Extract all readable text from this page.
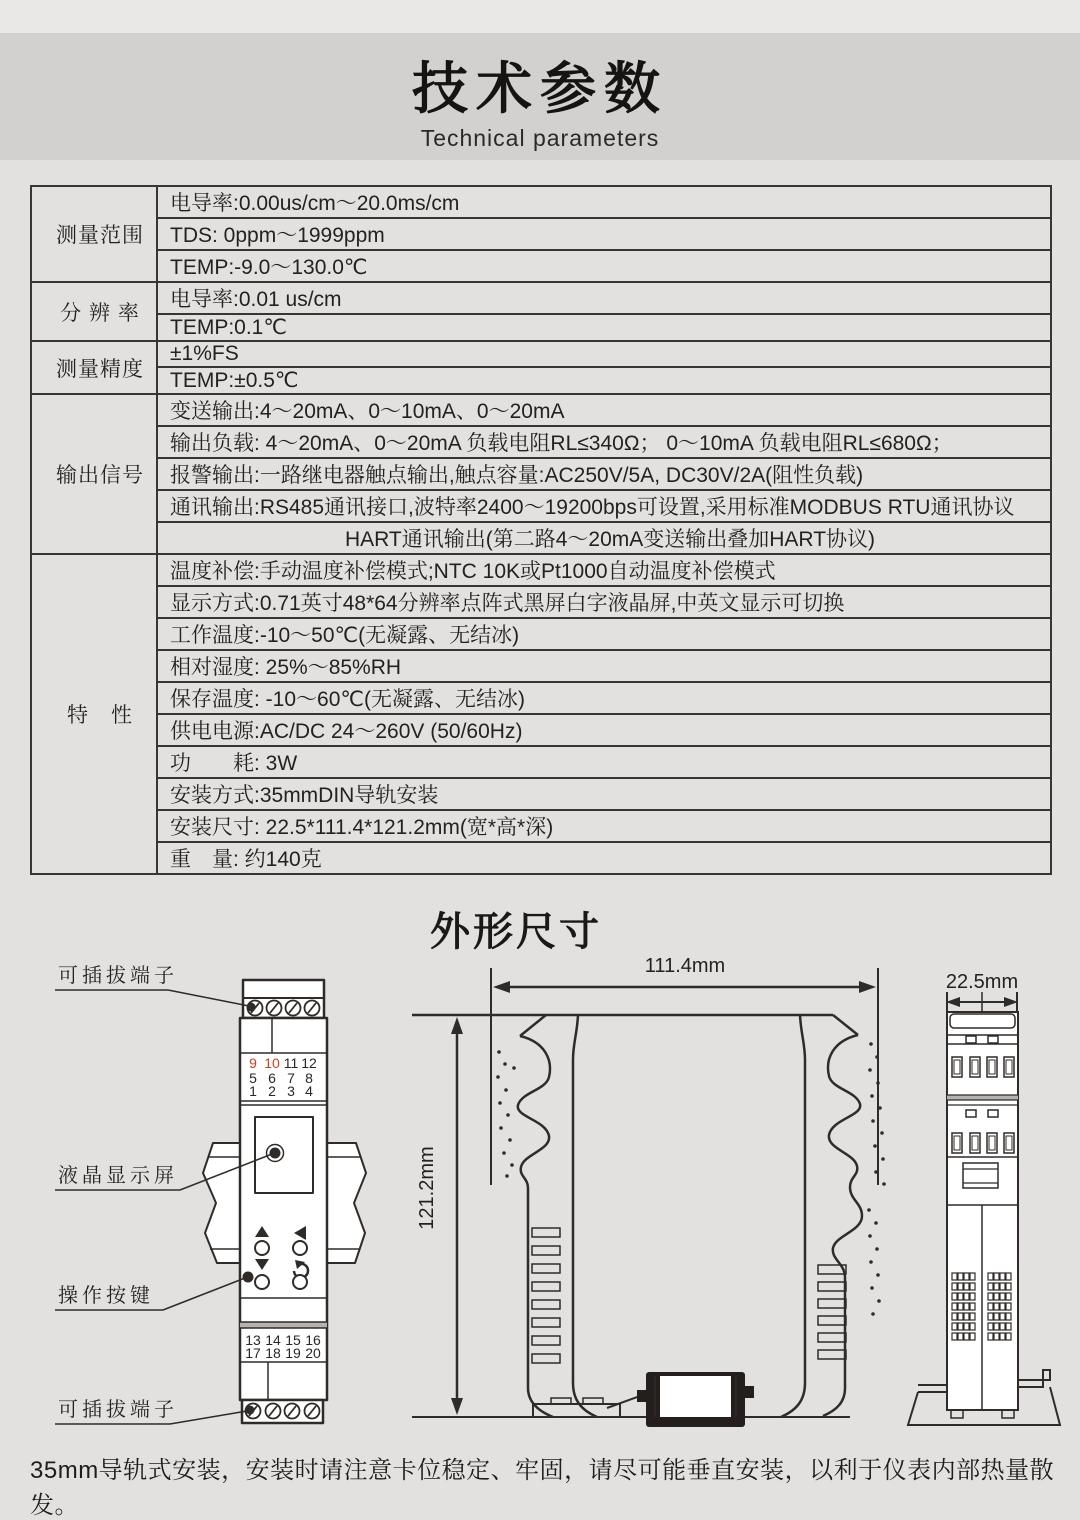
技术参数

Technical parameters

测量范围	电导率:0.00us/cm～20.0ms/cm
	TDS: 0ppm～1999ppm
	TEMP:-9.0～130.0℃
分 辨 率	电导率:0.01 us/cm
	TEMP:0.1℃
测量精度	±1%FS
	TEMP:±0.5℃
输出信号	变送输出:4～20mA、0～10mA、0～20mA
	输出负载: 4～20mA、0～20mA 负载电阻RL≤340Ω； 0～10mA 负载电阻RL≤680Ω；
	报警输出:一路继电器触点输出,触点容量:AC250V/5A, DC30V/2A(阻性负载)
	通讯输出:RS485通讯接口,波特率2400～19200bps可设置,采用标准MODBUS RTU通讯协议
	HART通讯输出(第二路4～20mA变送输出叠加HART协议)
特　性	温度补偿:手动温度补偿模式;NTC 10K或Pt1000自动温度补偿模式
	显示方式:0.71英寸48*64分辨率点阵式黑屏白字液晶屏,中英文显示可切换
	工作温度:-10～50℃(无凝露、无结冰)
	相对湿度: 25%～85%RH
	保存温度: -10～60℃(无凝露、无结冰)
	供电电源:AC/DC 24～260V (50/60Hz)
	功　　耗: 3W
	安装方式:35mmDIN导轨安装
	安装尺寸: 22.5*111.4*121.2mm(宽*高*深)
	重　量: 约140克
外形尺寸
9 10 11 12
5 6 7 8
1 2 3 4
13 14 15 16
17 18 19 20
可插拔端子
液晶显示屏
操作按键
可插拔端子
111.4mm
121.2mm
22.5mm
35mm导轨式安装，安装时请注意卡位稳定、牢固，请尽可能垂直安装，以利于仪表内部热量散发。
